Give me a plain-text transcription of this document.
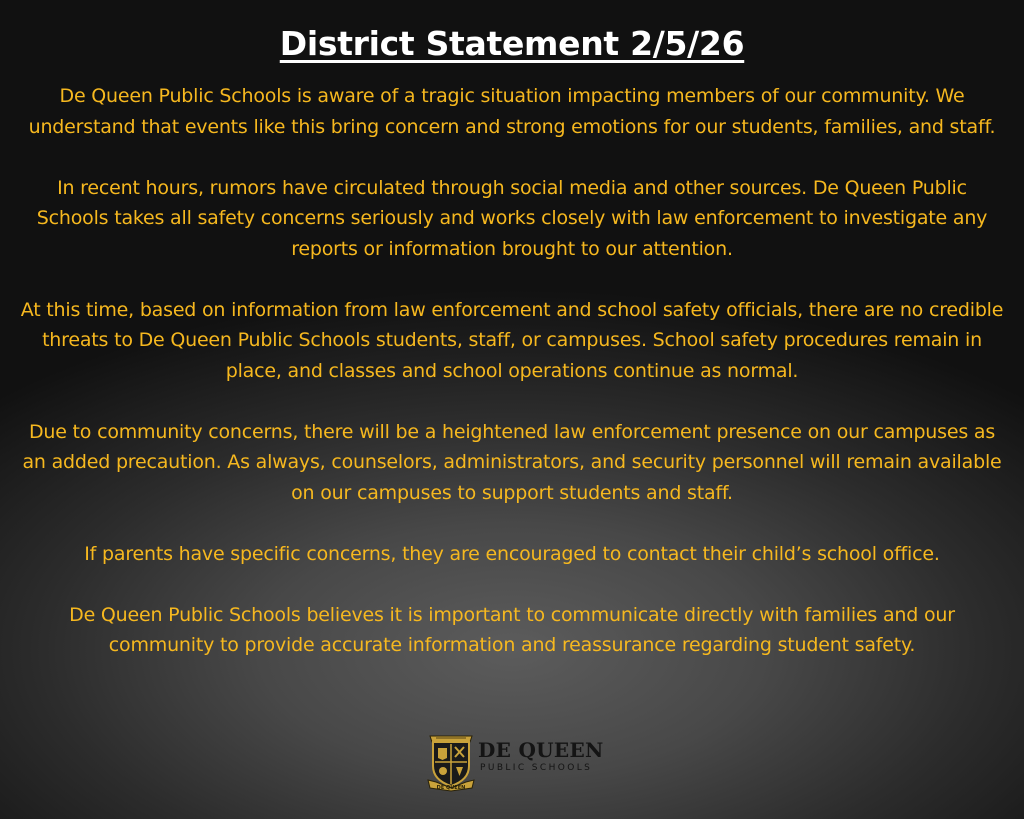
District Statement 2/5/26

De Queen Public Schools is aware of a tragic situation impacting members of our community. We understand that events like this bring concern and strong emotions for our students, families, and staff.

In recent hours, rumors have circulated through social media and other sources. De Queen Public Schools takes all safety concerns seriously and works closely with law enforcement to investigate any reports or information brought to our attention.

At this time, based on information from law enforcement and school safety officials, there are no credible threats to De Queen Public Schools students, staff, or campuses. School safety procedures remain in place, and classes and school operations continue as normal.

Due to community concerns, there will be a heightened law enforcement presence on our campuses as an added precaution. As always, counselors, administrators, and security personnel will remain available on our campuses to support students and staff.

If parents have specific concerns, they are encouraged to contact their child’s school office.

De Queen Public Schools believes it is important to communicate directly with families and our community to provide accurate information and reassurance regarding student safety.

DE QUEEN
DE QUEEN
PUBLIC SCHOOLS
